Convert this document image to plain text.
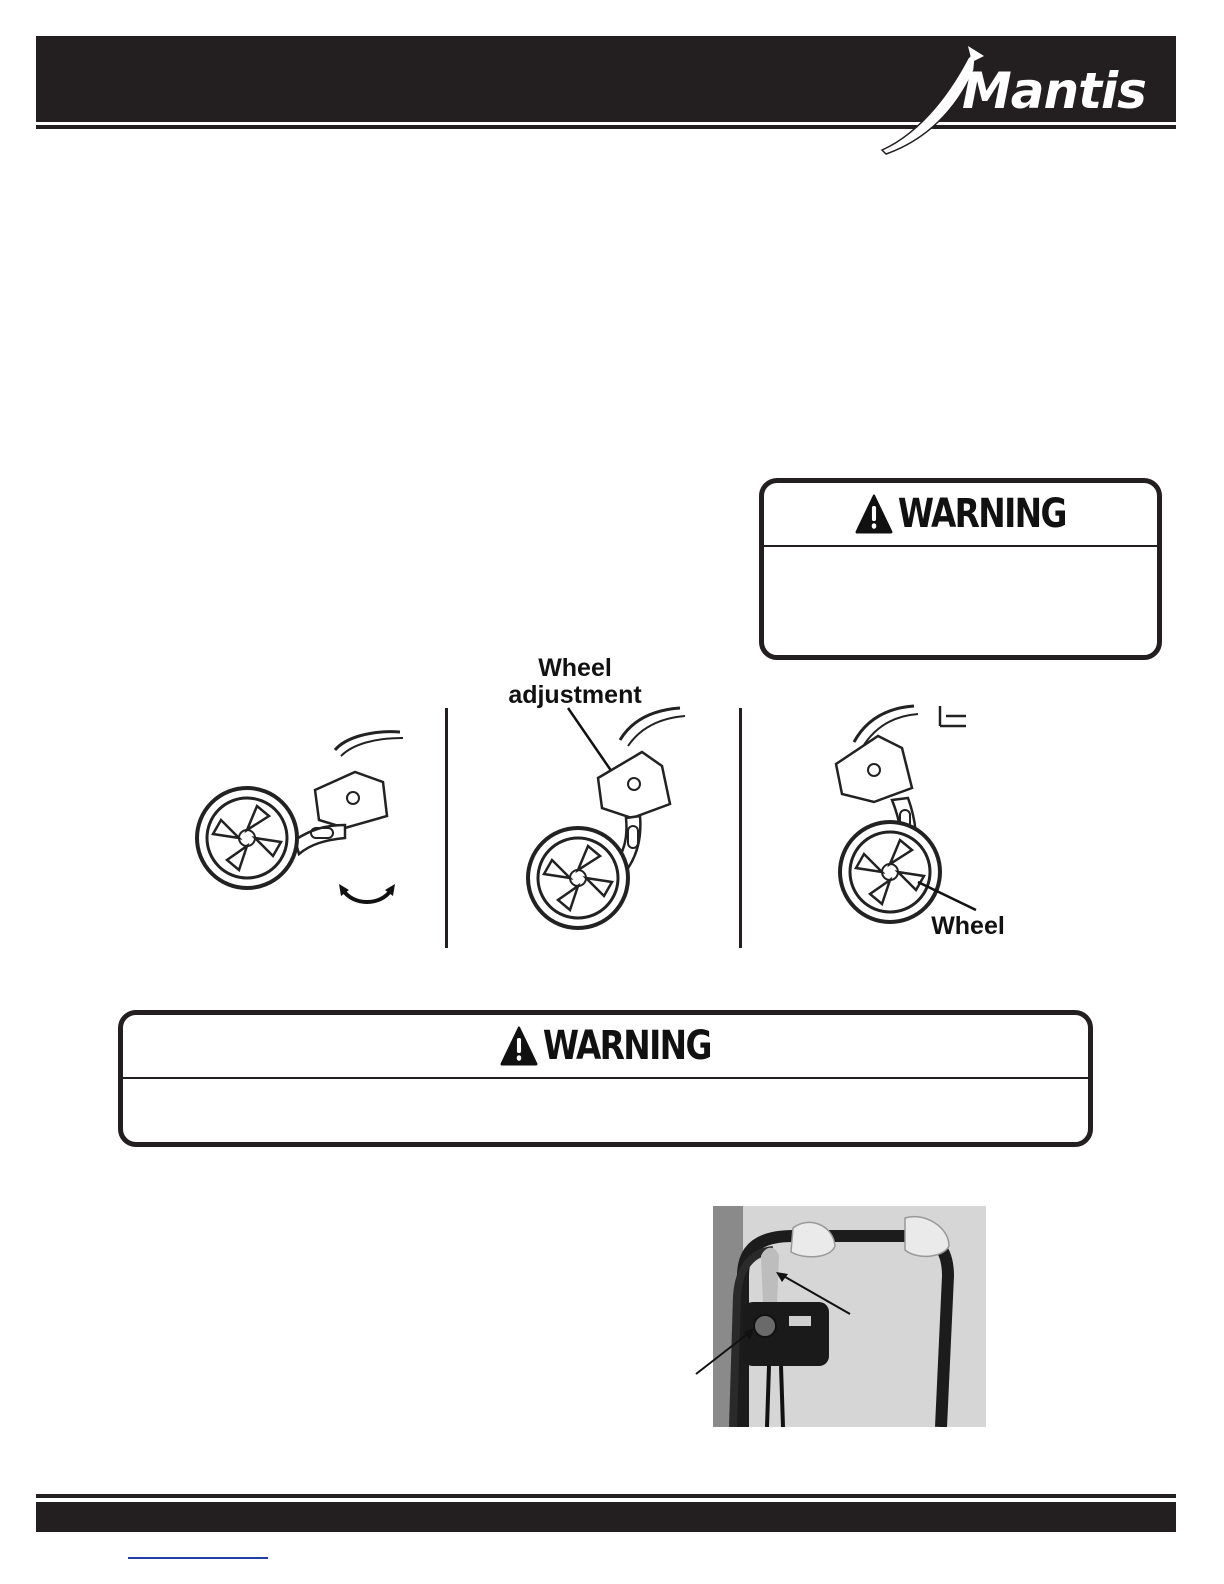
Mantis
WARNING
Wheel
adjustment
Wheel
WARNING
